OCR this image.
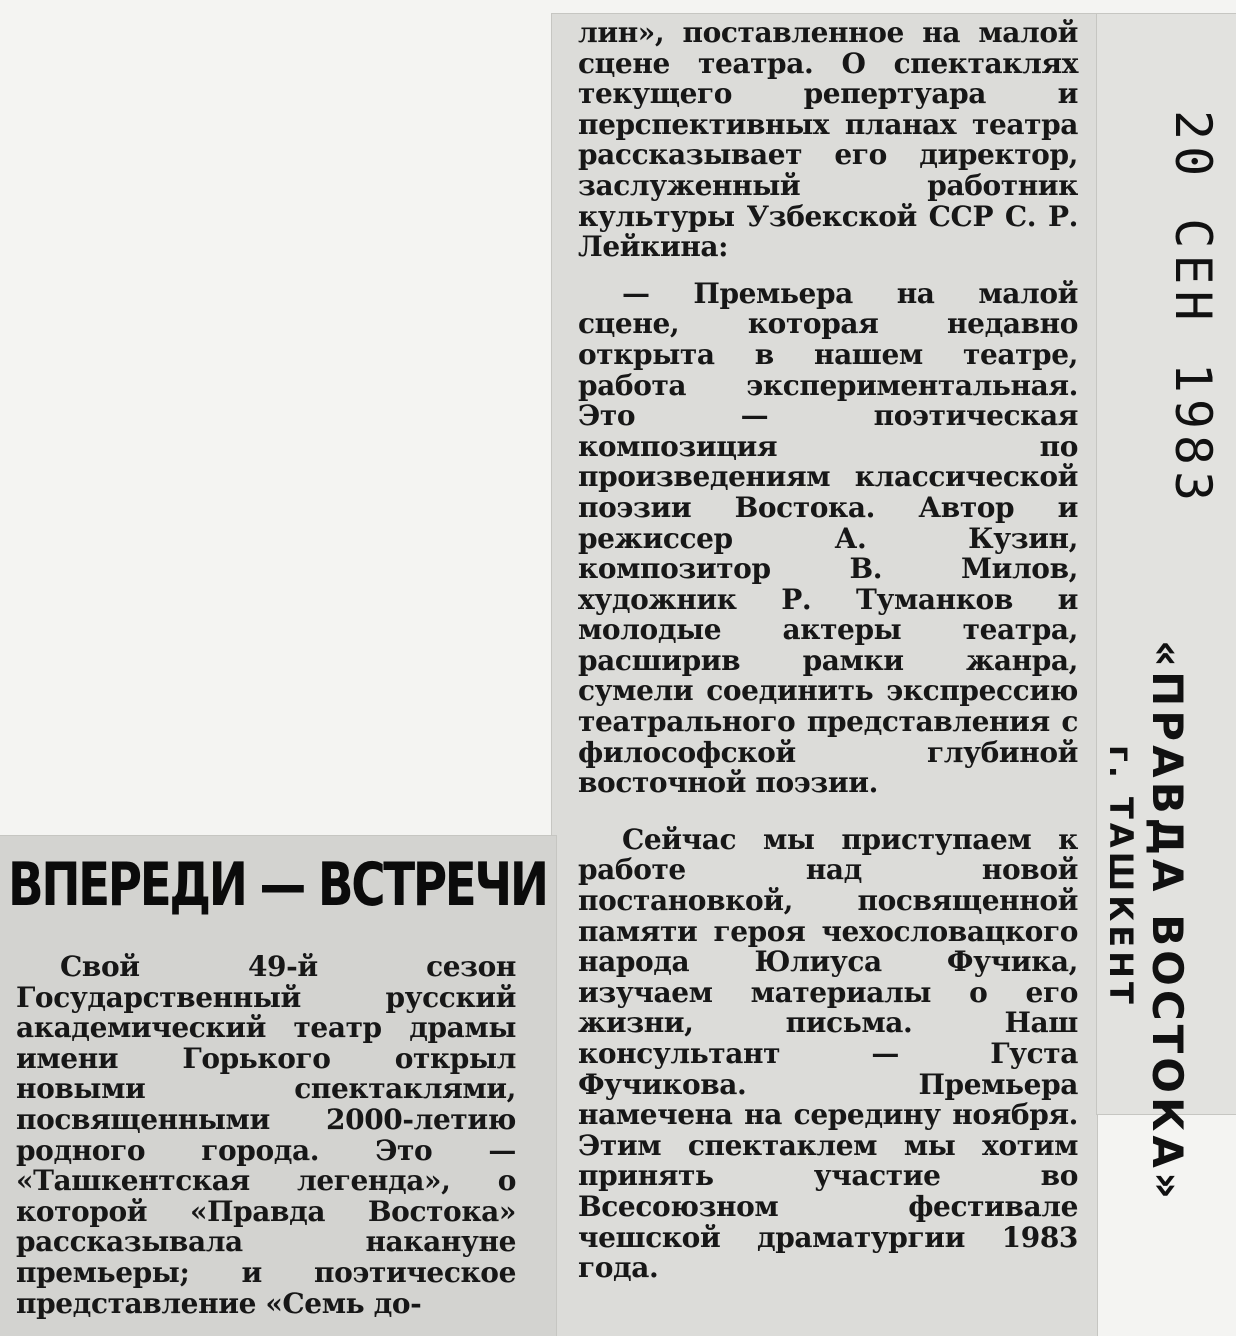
лин», поставленное на малой сцене театра. О спектаклях текущего репертуара и перспективных планах театра рассказывает его директор, заслуженный работник культуры Узбекской ССР С. Р. Лейкина:

— Премьера на малой сцене, которая недавно открыта в нашем театре, работа экспериментальная. Это — поэтическая композиция по произведениям классической поэзии Востока. Автор и режиссер А. Кузин, композитор В. Милов, художник Р. Туманков и молодые актеры театра, расширив рамки жанра, сумели соединить экспрессию театрального представления с философской глубиной восточной поэзии.

Сейчас мы приступаем к работе над новой постановкой, посвященной памяти героя чехословацкого народа Юлиуса Фучика, изучаем материалы о его жизни, письма. Наш консультант — Густа Фучикова. Премьера намечена на середину ноября. Этим спектаклем мы хотим принять участие во Всесоюзном фестивале чешской драматургии 1983 года.

ВПЕРЕДИ — ВСТРЕЧИ

Свой 49-й сезон Государственный русский академический театр драмы имени Горького открыл новыми спектаклями, посвященными 2000-летию родного города. Это — «Ташкентская легенда», о которой «Правда Востока» рассказывала накануне премьеры; и поэтическое представление «Семь до-

20 СЕН 1983
«ПРАВДА ВОСТОКА»
г. ТАШКЕНТ
